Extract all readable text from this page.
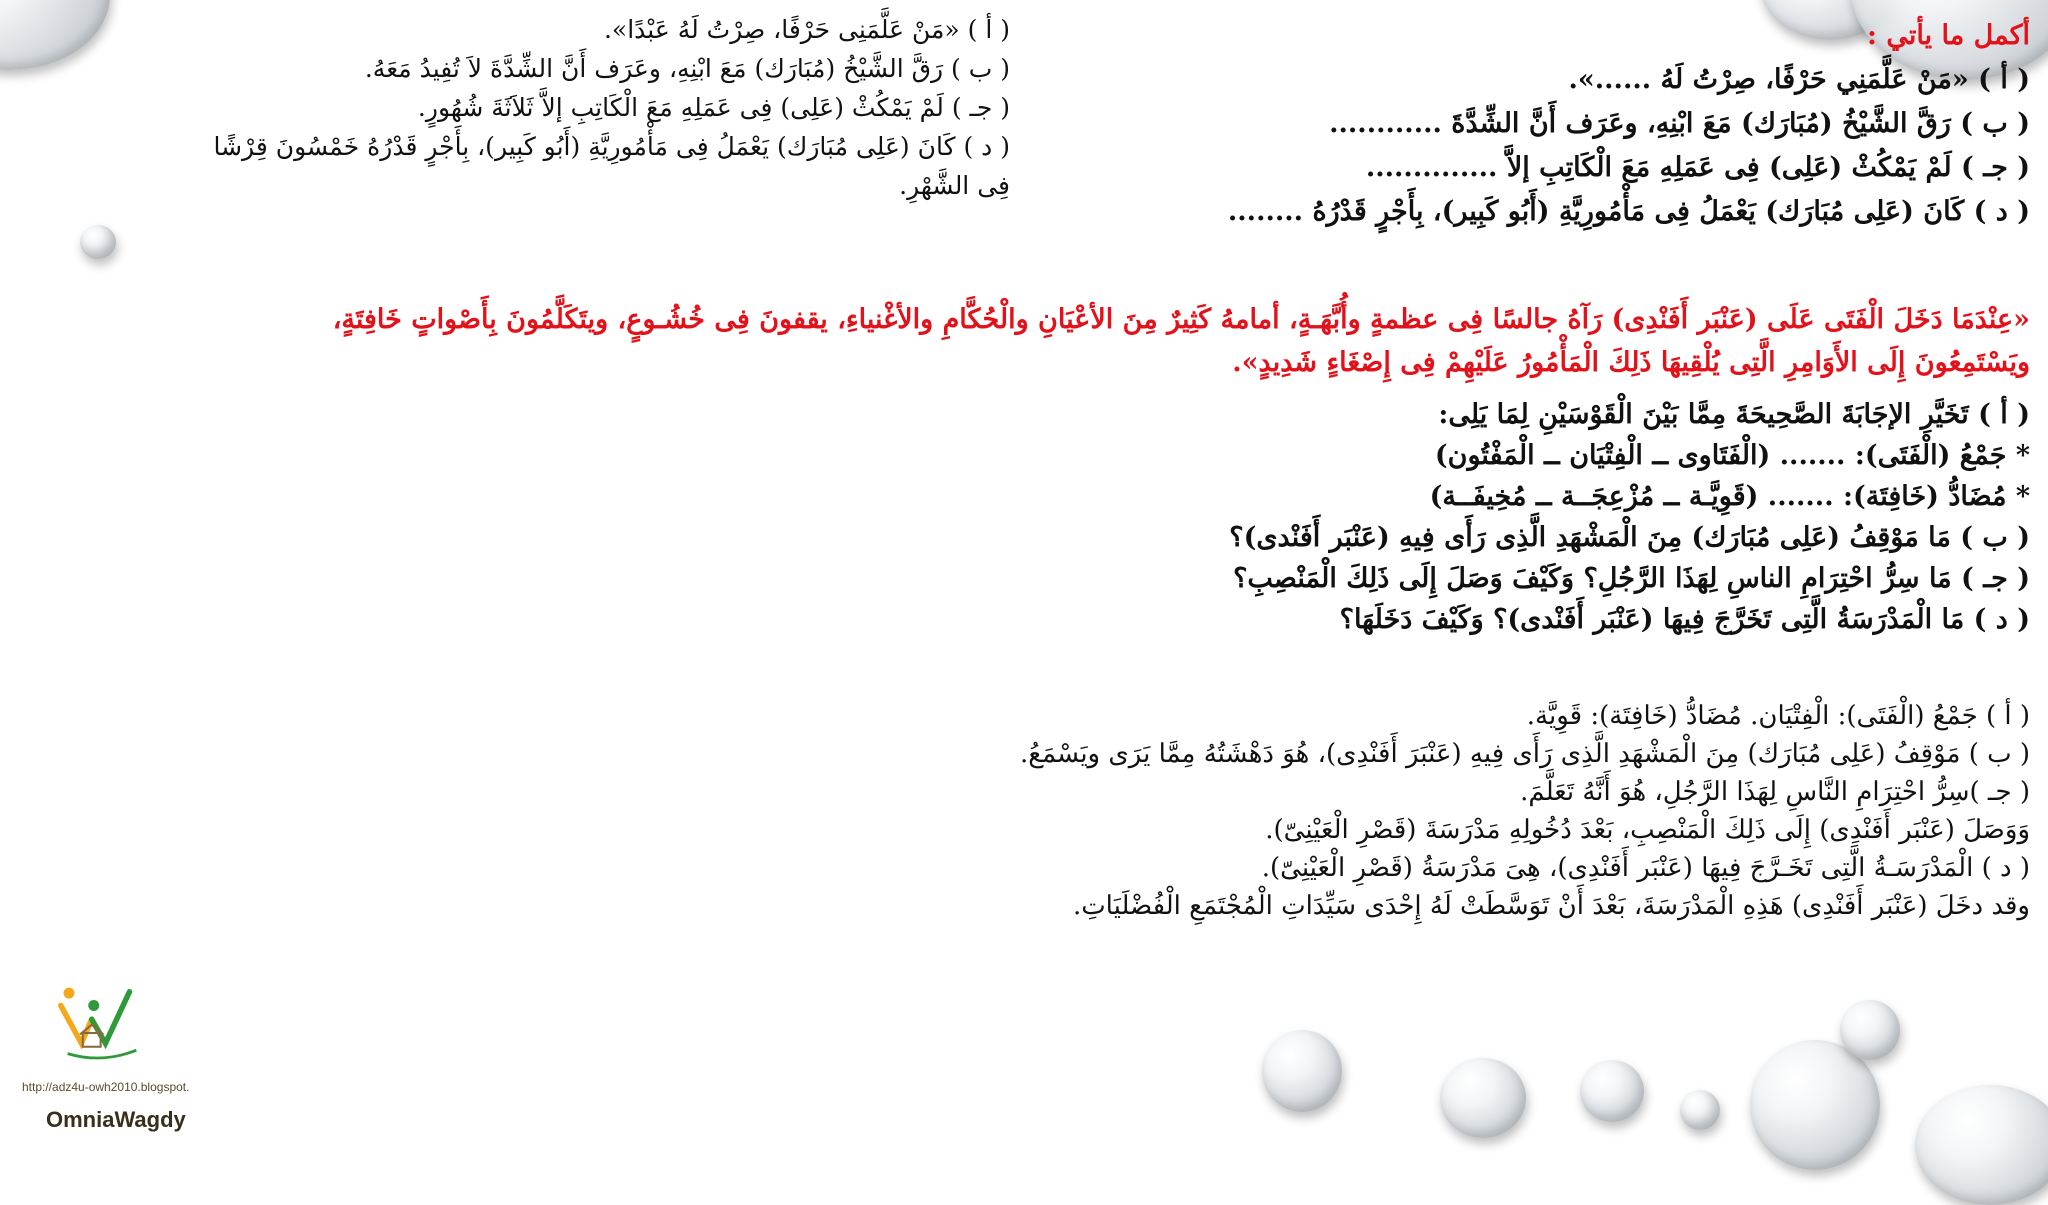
أكمل ما يأتي :
( أ ) «مَنْ عَلَّمَنِي حَرْفًا، صِرْتُ لَهُ ......».
( ب ) رَقَّ الشَّيْخُ (مُبَارَك) مَعَ ابْنِهِ، وعَرَف أَنَّ الشِّدَّةَ ............
( جـ ) لَمْ يَمْكُثْ (عَلِى) فِى عَمَلِهِ مَعَ الْكَاتِبِ إلاَّ ..............
( د ) كَانَ (عَلِى مُبَارَك) يَعْمَلُ فِى مَأْمُورِيَّةِ (أَبُو كَبِير)، بِأَجْرٍ قَدْرُهُ ........
( أ ) «مَنْ عَلَّمَنِى حَرْفًا، صِرْتُ لَهُ عَبْدًا».
( ب ) رَقَّ الشَّيْخُ (مُبَارَك) مَعَ ابْنِهِ، وعَرَف أَنَّ الشِّدَّةَ لاَ تُفِيدُ مَعَهُ.
( جـ ) لَمْ يَمْكُثْ (عَلِى) فِى عَمَلِهِ مَعَ الْكَاتِبِ إلاَّ ثَلاَثَةَ شُهُورٍ.
( د ) كَانَ (عَلِى مُبَارَك) يَعْمَلُ فِى مَأْمُورِيَّةِ (أَبُو كَبِير)، بِأَجْرٍ قَدْرُهُ خَمْسُونَ قِرْشًا
فِى الشَّهْرِ.
«عِنْدَمَا دَخَلَ الْفَتَى عَلَى (عَنْبَر أَفَنْدِى) رَآهُ جالسًا فِى عظمةٍ وأُبَّهَـةٍ، أمامهُ كَثِيرٌ مِنَ الأعْيَانِ والْحُكَّامِ والأغْنياءِ، يقفونَ فِى خُشُـوعٍ، ويتَكَلَّمُونَ بِأَصْواتٍ خَافِتَةٍ،
ويَسْتَمِعُونَ إِلَى الأَوَامِرِ الَّتِى يُلْقِيهَا ذَلِكَ الْمَأْمُورُ عَلَيْهِمْ فِى إِصْغَاءٍ شَدِيدٍ».
( أ ) تَخَيَّرِ الإجَابَةَ الصَّحِيحَةَ مِمَّا بَيْنَ الْقَوْسَيْنِ لِمَا يَلِى:
* جَمْعُ (الْفَتَى): ....... (الْفَتَاوى ــ الْفِتْيَان ــ الْمَفْتُون)
* مُضَادُّ (خَافِتَة): ....... (قَوِيَّـة ــ مُزْعِجَــة ــ مُخِيفَــة)
( ب ) مَا مَوْقِفُ (عَلِى مُبَارَك) مِنَ الْمَشْهَدِ الَّذِى رَأَى فِيهِ (عَنْبَر أَفَنْدى)؟
( جـ ) مَا سِرُّ احْتِرَامِ الناسِ لِهَذَا الرَّجُلِ؟ وَكَيْفَ وَصَلَ إِلَى ذَلِكَ الْمَنْصِبِ؟
( د ) مَا الْمَدْرَسَةُ الَّتِى تَخَرَّجَ فِيهَا (عَنْبَر أَفَنْدى)؟ وَكَيْفَ دَخَلَهَا؟
( أ ) جَمْعُ (الْفَتَى): الْفِتْيَان. مُضَادُّ (خَافِتَة): قَوِيَّة.
( ب ) مَوْقِفُ (عَلِى مُبَارَك) مِنَ الْمَشْهَدِ الَّذِى رَأَى فِيهِ (عَنْبَرَ أَفَنْدِى)، هُوَ دَهْشَتُهُ مِمَّا يَرَى ويَسْمَعُ.
( جـ )سِرُّ احْتِرَامِ النَّاسِ لِهَذَا الرَّجُلِ، هُوَ أَنَّهُ تَعَلَّمَ.
وَوَصَلَ (عَنْبَر أَفَنْدِى) إِلَى ذَلِكَ الْمَنْصِبِ، بَعْدَ دُخُولِهِ مَدْرَسَةَ (قَصْرِ الْعَيْنِىّ).
( د ) الْمَدْرَسَـةُ الَّتِى تَخَـرَّجَ فِيهَا (عَنْبَر أَفَنْدِى)، هِىَ مَدْرَسَةُ (قَصْرِ الْعَيْنِىّ).
وقد دخَلَ (عَنْبَر أَفَنْدِى) هَذِهِ الْمَدْرَسَةَ، بَعْدَ أَنْ تَوَسَّطَتْ لَهُ إِحْدَى سَيِّدَاتِ الْمُجْتَمَعِ الْفُضْلَيَاتِ.
http://adz4u-owh2010.blogspot.
OmniaWagdy
